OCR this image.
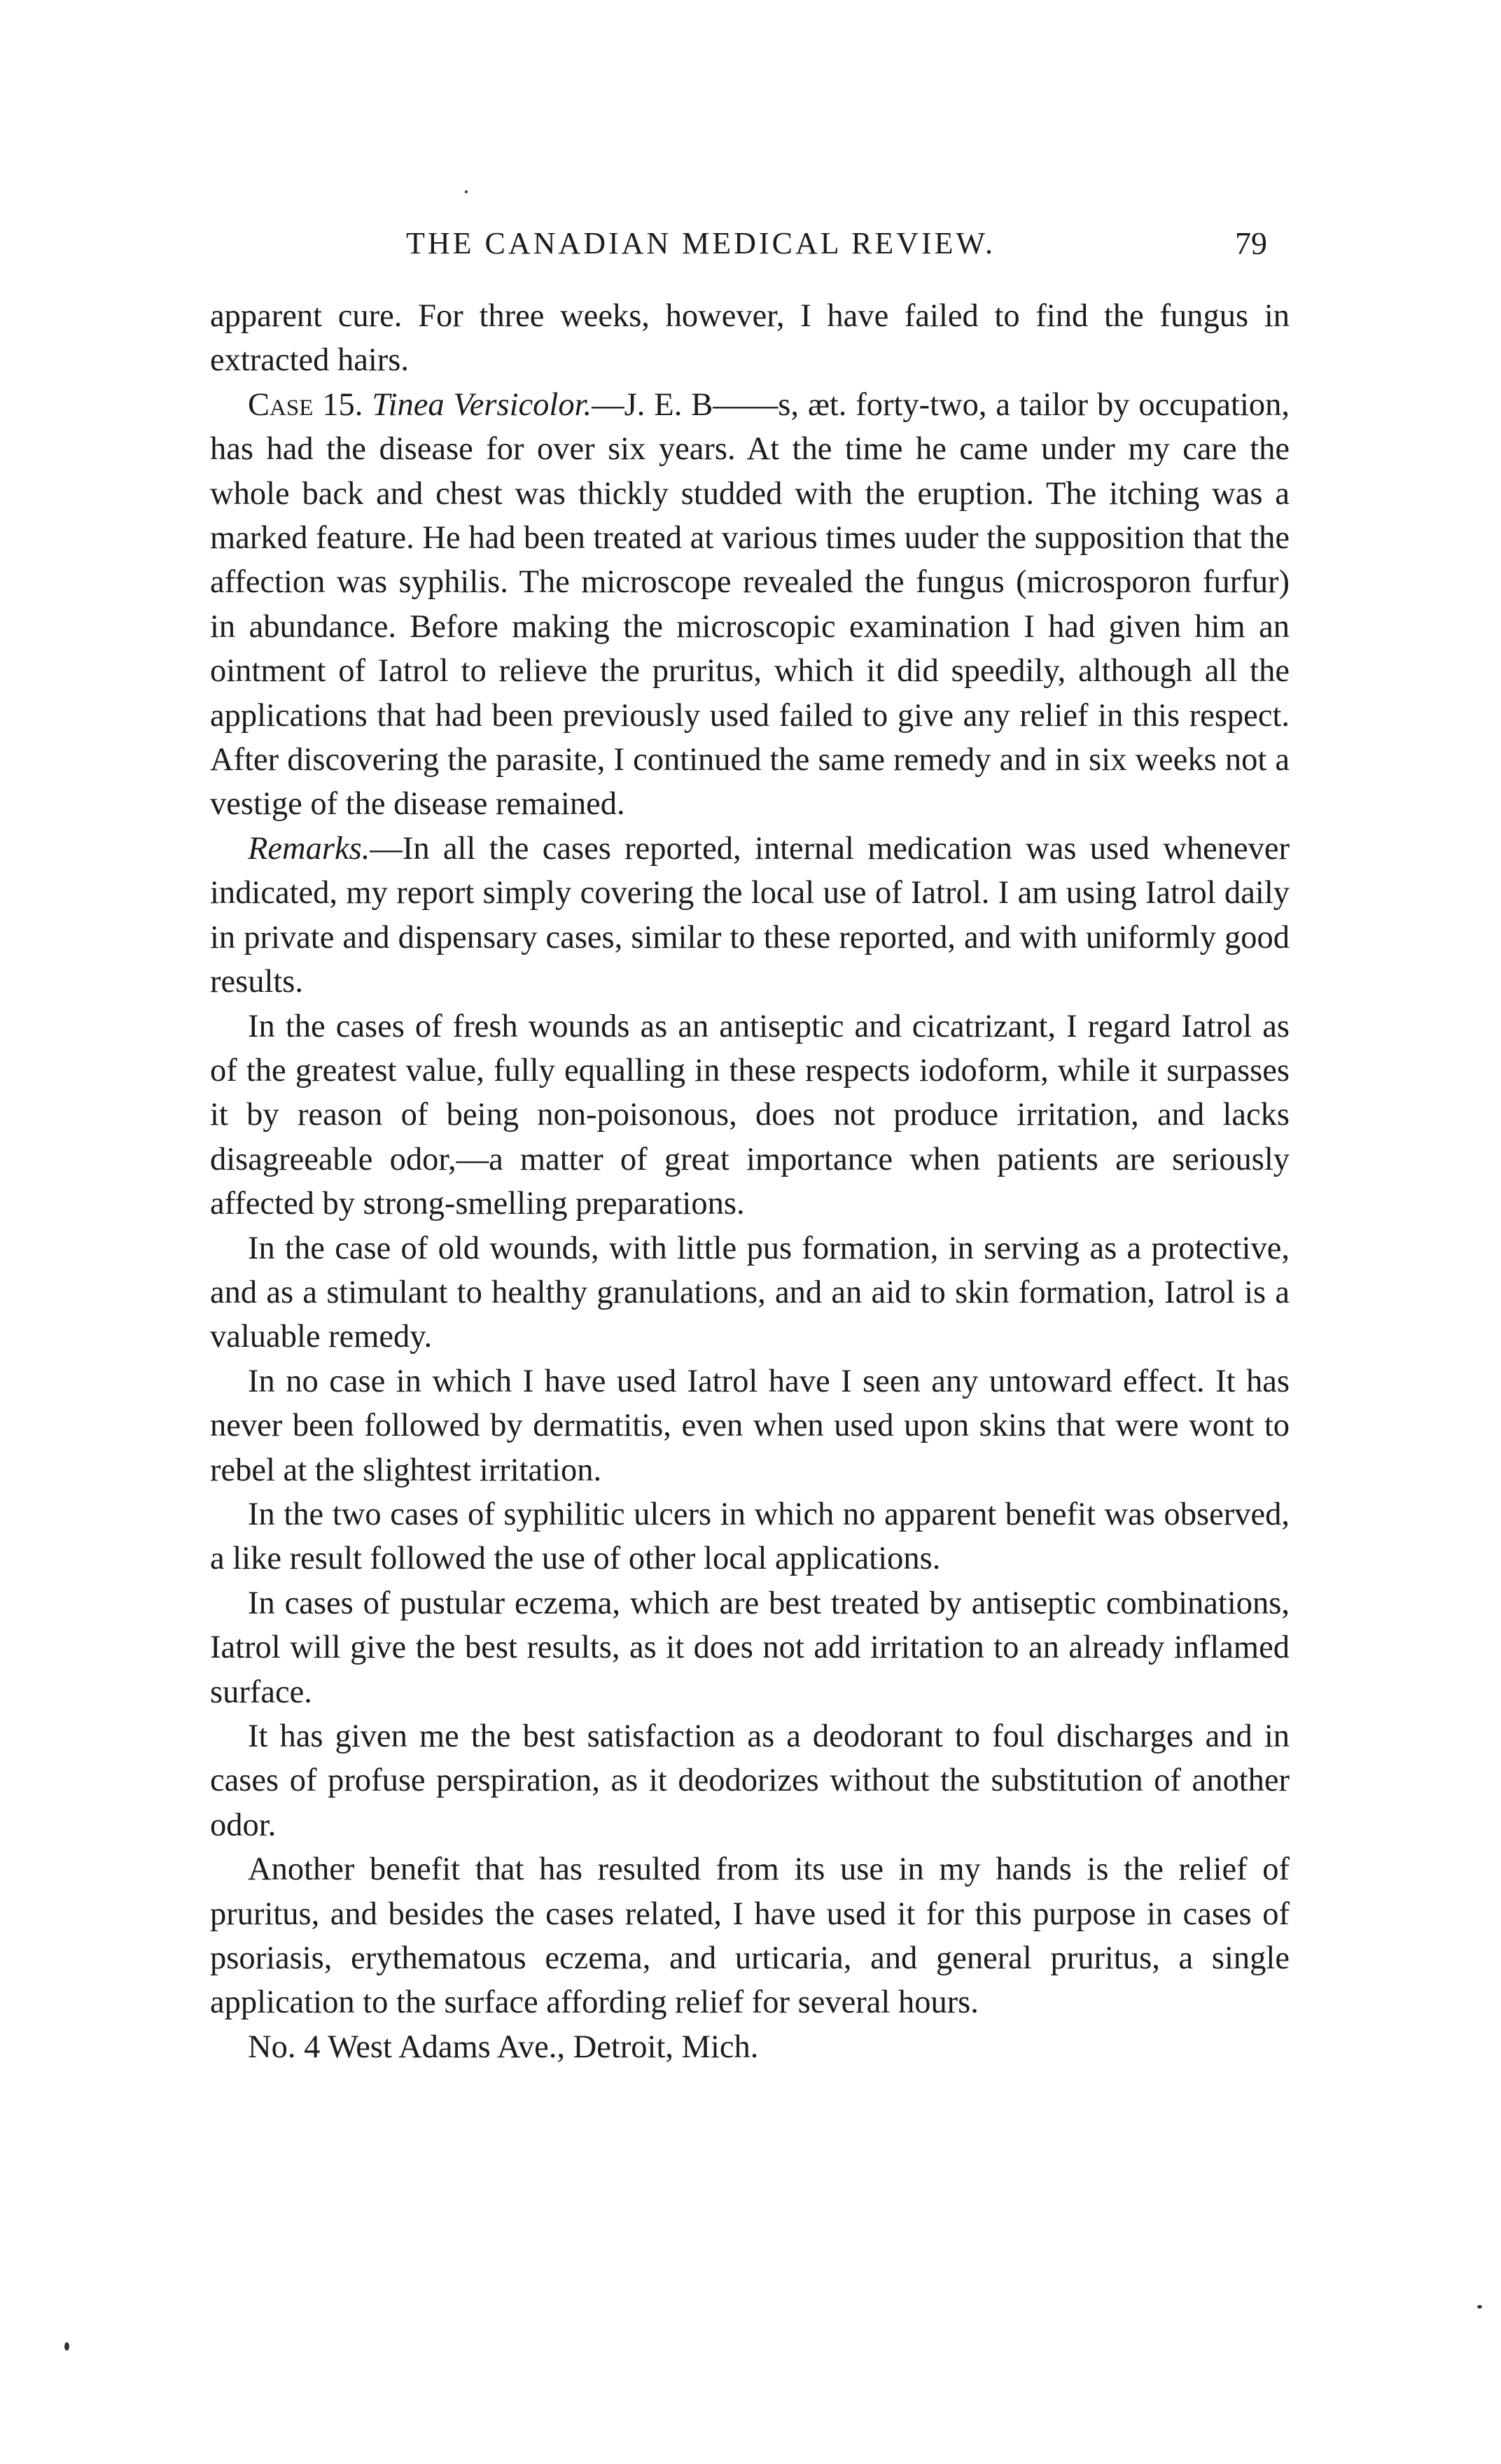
THE CANADIAN MEDICAL REVIEW.	79

apparent cure. For three weeks, however, I have failed to find the fungus in extracted hairs.

Case 15. Tinea Versicolor.—J. E. B——s, æt. forty-two, a tailor by occupation, has had the disease for over six years. At the time he came under my care the whole back and chest was thickly studded with the eruption. The itching was a marked feature. He had been treated at various times uuder the supposition that the affection was syphilis. The microscope revealed the fungus (microsporon furfur) in abundance. Before making the microscopic examination I had given him an ointment of Iatrol to relieve the pruritus, which it did speedily, although all the applications that had been previously used failed to give any relief in this respect. After discovering the parasite, I continued the same remedy and in six weeks not a vestige of the disease remained.

Remarks.—In all the cases reported, internal medication was used whenever indicated, my report simply covering the local use of Iatrol. I am using Iatrol daily in private and dispensary cases, similar to these reported, and with uniformly good results.

In the cases of fresh wounds as an antiseptic and cicatrizant, I regard Iatrol as of the greatest value, fully equalling in these respects iodoform, while it surpasses it by reason of being non-poisonous, does not produce irritation, and lacks disagreeable odor,—a matter of great importance when patients are seriously affected by strong-smelling preparations.

In the case of old wounds, with little pus formation, in serving as a protective, and as a stimulant to healthy granulations, and an aid to skin formation, Iatrol is a valuable remedy.

In no case in which I have used Iatrol have I seen any untoward effect. It has never been followed by dermatitis, even when used upon skins that were wont to rebel at the slightest irritation.

In the two cases of syphilitic ulcers in which no apparent benefit was observed, a like result followed the use of other local applications.

In cases of pustular eczema, which are best treated by antiseptic combinations, Iatrol will give the best results, as it does not add irritation to an already inflamed surface.

It has given me the best satisfaction as a deodorant to foul discharges and in cases of profuse perspiration, as it deodorizes without the substitution of another odor.

Another benefit that has resulted from its use in my hands is the relief of pruritus, and besides the cases related, I have used it for this purpose in cases of psoriasis, erythematous eczema, and urticaria, and general pruritus, a single application to the surface affording relief for several hours.

No. 4 West Adams Ave., Detroit, Mich.
